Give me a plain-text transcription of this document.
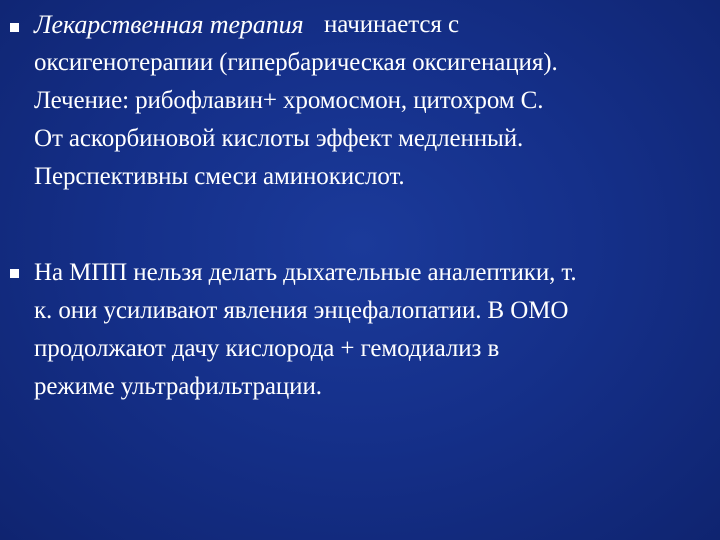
Лекарственная терапия начинается с
оксигенотерапии (гипербарическая оксигенация).
Лечение: рибофлавин+ хромосмон, цитохром С.
От аскорбиновой кислоты эффект медленный.
Перспективны смеси аминокислот.
На МПП нельзя делать дыхательные аналептики, т.
к. они усиливают явления энцефалопатии. В ОМО
продолжают дачу кислорода + гемодиализ в
режиме ультрафильтрации.
